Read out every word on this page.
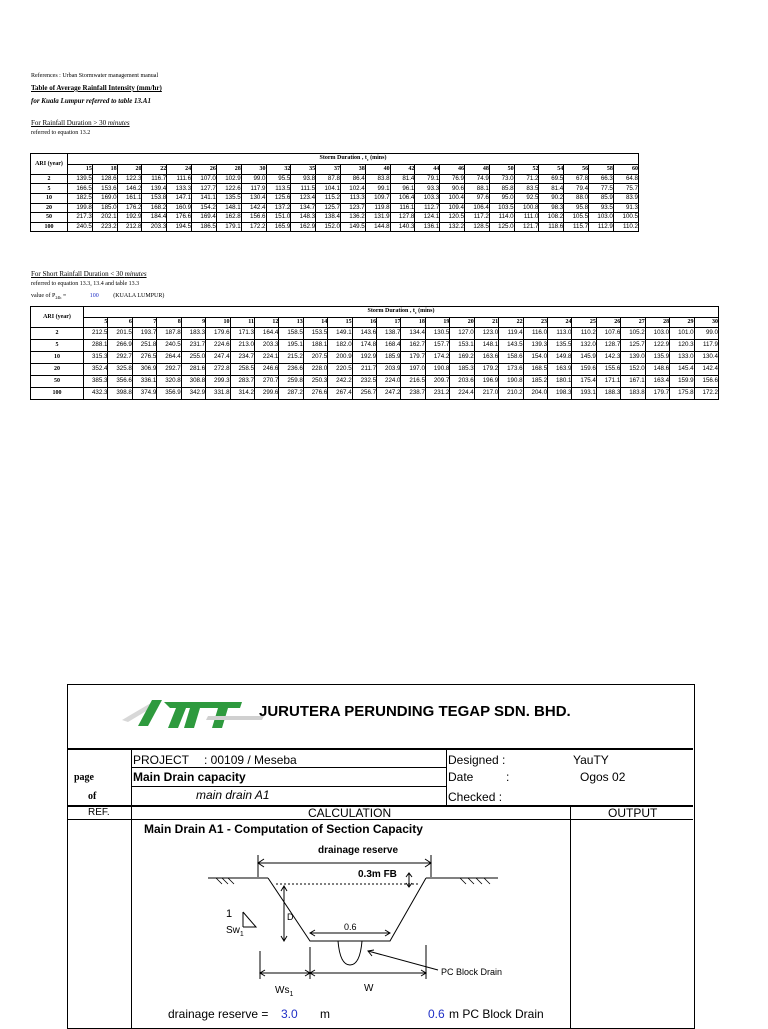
References : Urban Stormwater management manual
Table of Average Rainfall Intensity (mm/hr)
for Kuala Lumpur referred to table 13.A1
For Rainfall Duration > 30 minutes
referred to equation 13.2
ARI (year)	Storm Duration , $t_c$ (mins)																						
	15	18	20	22	24	26	28	30	32	35	37	38	40	42	44	46	48	50	52	54	56	58	60
2	139.5	128.6	122.3	116.7	111.6	107.0	102.9	99.0	95.5	93.8	87.8	86.4	83.8	81.4	79.1	76.9	74.9	73.0	71.2	69.5	67.8	66.3	64.8
5	166.5	153.6	146.2	139.4	133.3	127.7	122.6	117.9	113.5	111.5	104.1	102.4	99.1	96.1	93.3	90.6	88.1	85.8	83.5	81.4	79.4	77.5	75.7
10	182.5	169.0	161.1	153.8	147.1	141.1	135.5	130.4	125.6	123.4	115.2	113.3	109.7	106.4	103.3	100.4	97.6	95.0	92.5	90.2	88.0	85.9	83.9
20	199.8	185.0	176.2	168.2	160.9	154.2	148.1	142.4	137.2	134.7	125.7	123.7	119.8	116.1	112.7	109.4	106.4	103.5	100.8	98.3	95.8	93.5	91.3
50	217.3	202.1	192.9	184.4	176.6	169.4	162.8	156.6	151.0	148.3	138.4	136.2	131.9	127.8	124.1	120.5	117.2	114.0	111.0	108.2	105.5	103.0	100.5
100	240.5	223.2	212.8	203.3	194.5	186.5	179.1	172.2	165.9	162.9	152.0	149.5	144.8	140.3	136.1	132.2	128.5	125.0	121.7	118.6	115.7	112.9	110.2
For Short Rainfall Duration < 30 minutes
referred to equation 13.3, 13.4 and table 13.3
value of $P_{24h}$ =	100 (KUALA LUMPUR)
ARI (year)	Storm Duration , $t_c$ (mins)																									
	5	6	7	8	9	10	11	12	13	14	15	16	17	18	19	20	21	22	23	24	25	26	27	28	29	30
2	212.5	201.5	193.7	187.8	183.3	179.6	171.3	164.4	158.5	153.5	149.1	143.6	138.7	134.4	130.5	127.0	123.0	119.4	116.0	113.0	110.2	107.6	105.2	103.0	101.0	99.0
5	288.1	266.9	251.8	240.5	231.7	224.6	213.0	203.3	195.1	188.1	182.0	174.8	168.4	162.7	157.7	153.1	148.1	143.5	139.3	135.5	132.0	128.7	125.7	122.9	120.3	117.9
10	315.3	292.7	276.5	264.4	255.0	247.4	234.7	224.1	215.2	207.5	200.9	192.9	185.9	179.7	174.2	169.2	163.6	158.6	154.0	149.8	145.9	142.3	139.0	135.9	133.0	130.4
20	352.4	325.8	306.9	292.7	281.6	272.8	258.5	246.6	236.6	228.0	220.5	211.7	203.9	197.0	190.8	185.3	179.2	173.6	168.5	163.9	159.6	155.6	152.0	148.6	145.4	142.4
50	385.3	356.6	336.1	320.8	308.8	299.3	283.7	270.7	259.8	250.3	242.2	232.5	224.0	216.5	209.7	203.6	196.9	190.8	185.2	180.1	175.4	171.1	167.1	163.4	159.9	156.6
100	432.3	398.8	374.9	356.9	342.9	331.8	314.2	299.6	287.2	276.6	267.4	256.7	247.2	238.7	231.2	224.4	217.0	210.2	204.0	198.3	193.1	188.3	183.8	179.7	175.8	172.2
JURUTERA PERUNDING TEGAP SDN. BHD.
PROJECT : 00109 / Meseba	Designed :	YauTY
page	Main Drain capacity	Date	:	Ogos 02
of	main drain A1	Checked :
REF.	CALCULATION	OUTPUT
Main Drain A1 - Computation of Section Capacity
drainage reserve
0.3m FB
D
1
$Sw_1$
0.6
PC Block Drain
$Ws_1$
W
drainage reserve = 3.0 m	0.6 m PC Block Drain
